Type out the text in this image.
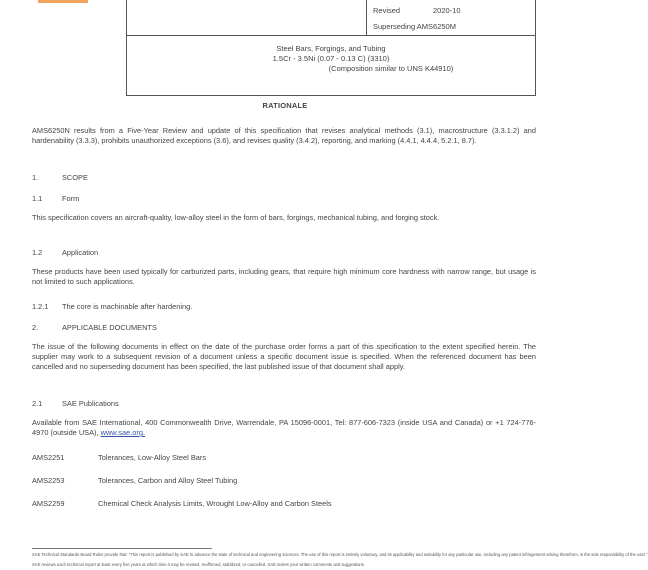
Revised	2020-10
Superseding AMS6250M
Steel Bars, Forgings, and Tubing
1.5Cr - 3.5Ni (0.07 - 0.13 C) (3310)
(Composition similar to UNS K44910)
RATIONALE
AMS6250N results from a Five-Year Review and update of this specification that revises analytical methods (3.1), macrostructure (3.3.1.2) and hardenability (3.3.3), prohibits unauthorized exceptions (3.6), and revises quality (3.4.2), reporting, and marking (4.4.1, 4.4.4, 5.2.1, 8.7).
1.	SCOPE
1.1	Form
This specification covers an aircraft-quality, low-alloy steel in the form of bars, forgings, mechanical tubing, and forging stock.
1.2	Application
These products have been used typically for carburized parts, including gears, that require high minimum core hardness with narrow range, but usage is not limited to such applications.
1.2.1 The core is machinable after hardening.
2.	APPLICABLE DOCUMENTS
The issue of the following documents in effect on the date of the purchase order forms a part of this specification to the extent specified herein. The supplier may work to a subsequent revision of a document unless a specific document issue is specified. When the referenced document has been cancelled and no superseding document has been specified, the last published issue of that document shall apply.
2.1	SAE Publications
Available from SAE International, 400 Commonwealth Drive, Warrendale, PA 15096-0001, Tel: 877-606-7323 (inside USA and Canada) or +1 724-776-4970 (outside USA), www.sae.org.
AMS2251	Tolerances, Low-Alloy Steel Bars
AMS2253	Tolerances, Carbon and Alloy Steel Tubing
AMS2259	Chemical Check Analysis Limits, Wrought Low-Alloy and Carbon Steels
SAE Technical Standards Board Rules provide that: "This report is published by SAE to advance the state of technical and engineering sciences. The use of this report is entirely voluntary, and its applicability and suitability for any particular use, including any patent infringement arising therefrom, is the sole responsibility of the user."
SAE reviews each technical report at least every five years at which time it may be revised, reaffirmed, stabilized, or cancelled. SAE invites your written comments and suggestions.
